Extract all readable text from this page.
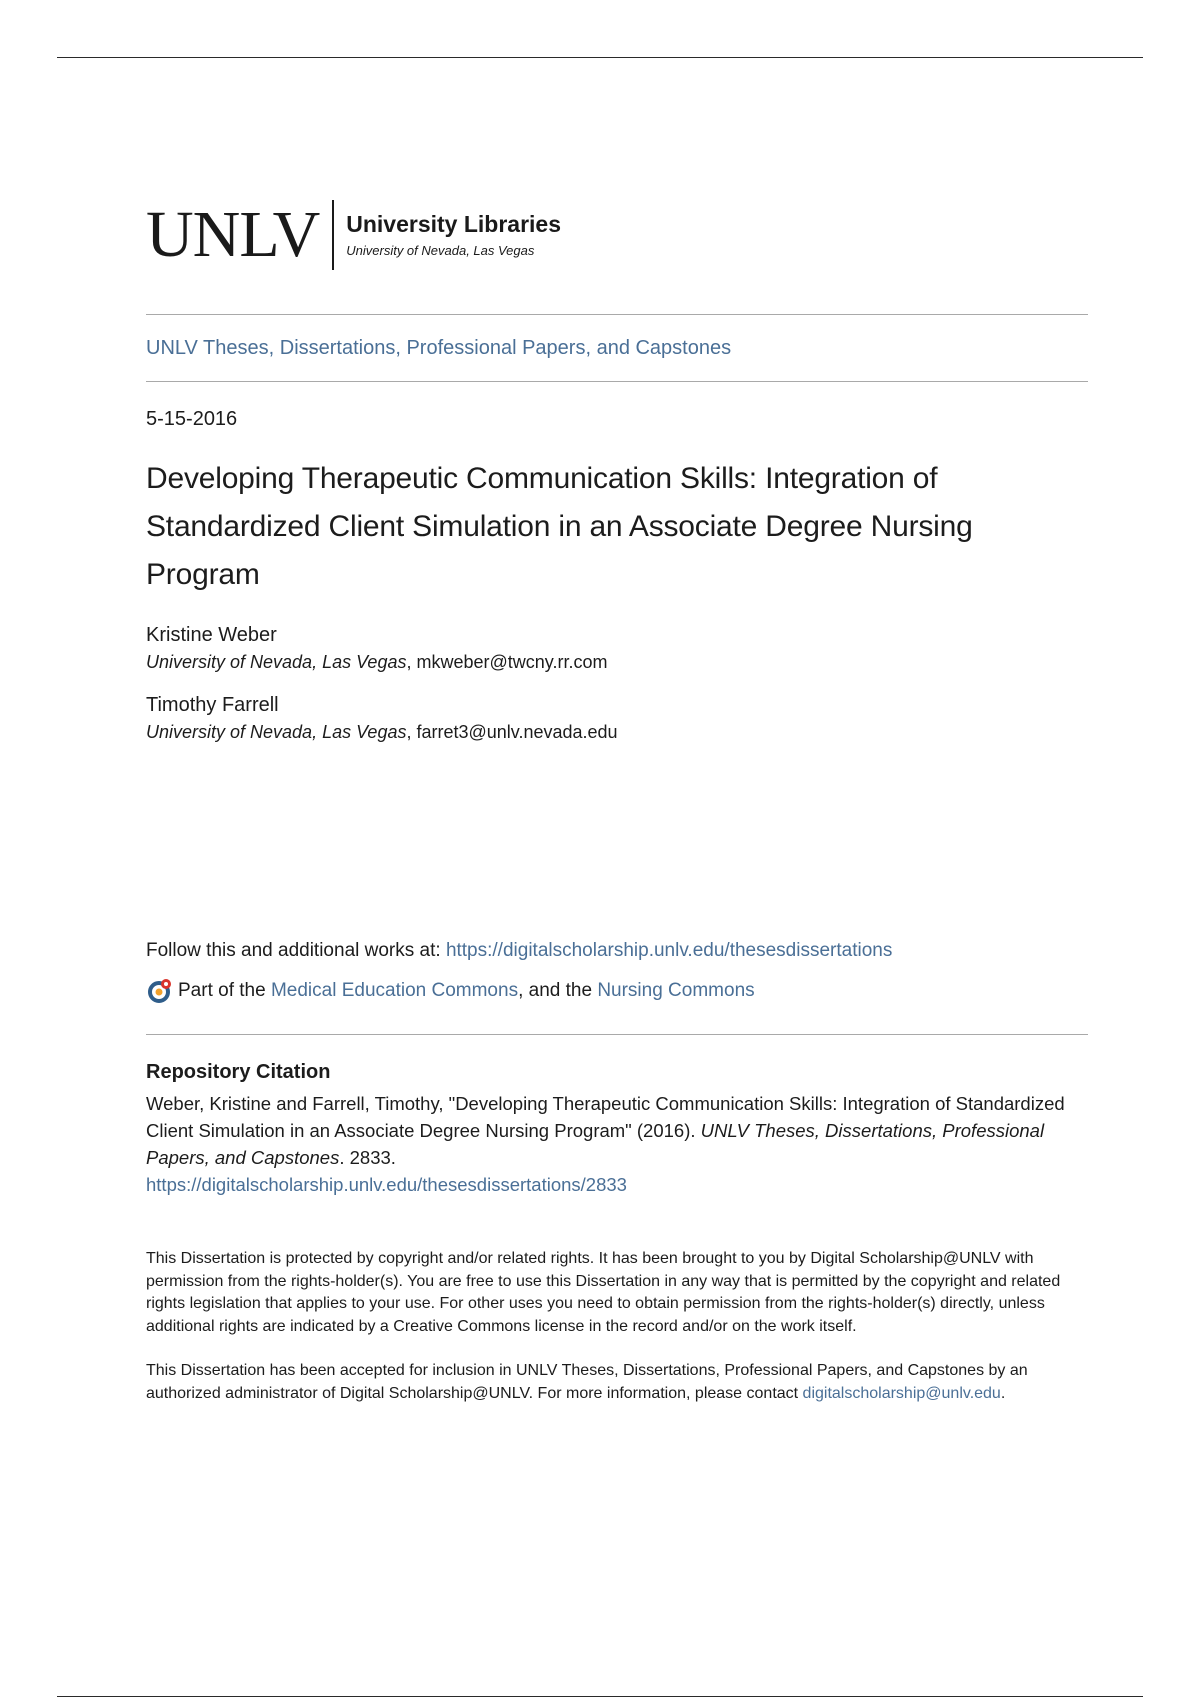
UNLV	University Libraries
University of Nevada, Las Vegas
UNLV Theses, Dissertations, Professional Papers, and Capstones
5-15-2016
Developing Therapeutic Communication Skills: Integration of Standardized Client Simulation in an Associate Degree Nursing Program
Kristine Weber
University of Nevada, Las Vegas, mkweber@twcny.rr.com
Timothy Farrell
University of Nevada, Las Vegas, farret3@unlv.nevada.edu
Follow this and additional works at: https://digitalscholarship.unlv.edu/thesesdissertations
Part of the
Medical Education Commons , and the
Nursing Commons
Repository Citation
Weber, Kristine and Farrell, Timothy, "Developing Therapeutic Communication Skills: Integration of Standardized Client Simulation in an Associate Degree Nursing Program" (2016). UNLV Theses, Dissertations, Professional Papers, and Capstones. 2833.
https://digitalscholarship.unlv.edu/thesesdissertations/2833

This Dissertation is protected by copyright and/or related rights. It has been brought to you by Digital Scholarship@UNLV with permission from the rights-holder(s). You are free to use this Dissertation in any way that is permitted by the copyright and related rights legislation that applies to your use. For other uses you need to obtain permission from the rights-holder(s) directly, unless additional rights are indicated by a Creative Commons license in the record and/or on the work itself.

This Dissertation has been accepted for inclusion in UNLV Theses, Dissertations, Professional Papers, and Capstones by an authorized administrator of Digital Scholarship@UNLV. For more information, please contact digitalscholarship@unlv.edu.
